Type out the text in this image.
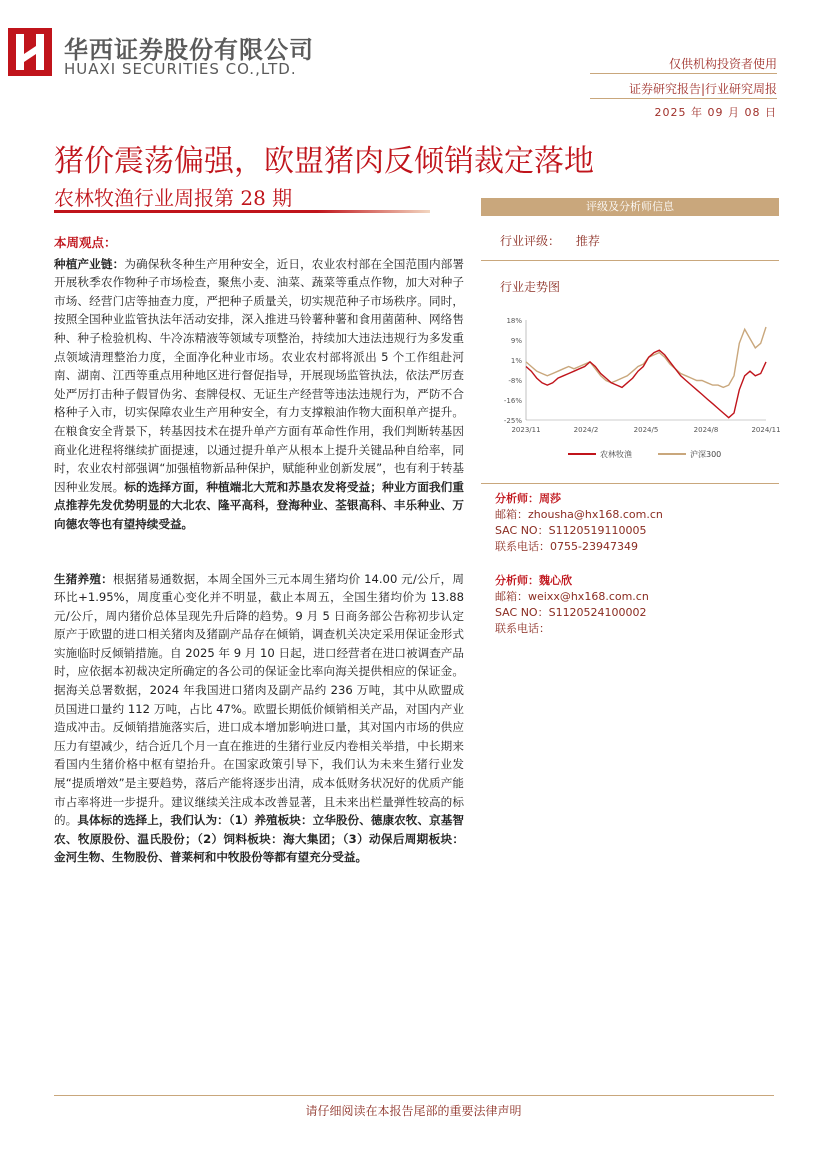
华西证券股份有限公司
HUAXI SECURITIES CO.,LTD.	仅供机构投资者使用
证券研究报告|行业研究周报
2025 年 09 月 08 日
猪价震荡偏强，欧盟猪肉反倾销裁定落地
农林牧渔行业周报第 28 期
本周观点：

种植产业链：为确保秋冬种生产用种安全，近日，农业农村部在全国范围内部署开展秋季农作物种子市场检查，聚焦小麦、油菜、蔬菜等重点作物，加大对种子市场、经营门店等抽查力度，严把种子质量关，切实规范种子市场秩序。同时，按照全国种业监管执法年活动安排，深入推进马铃薯种薯和食用菌菌种、网络售种、种子检验机构、牛冷冻精液等领域专项整治，持续加大违法违规行为多发重点领域清理整治力度，全面净化种业市场。农业农村部将派出 5 个工作组赴河南、湖南、江西等重点用种地区进行督促指导，开展现场监管执法，依法严厉查处严厉打击种子假冒伪劣、套牌侵权、无证生产经营等违法违规行为，严防不合格种子入市，切实保障农业生产用种安全，有力支撑粮油作物大面积单产提升。在粮食安全背景下，转基因技术在提升单产方面有革命性作用，我们判断转基因商业化进程将继续扩面提速，以通过提升单产从根本上提升关键品种自给率，同时，农业农村部强调“加强植物新品种保护，赋能种业创新发展”，也有利于转基因种业发展。标的选择方面，种植端北大荒和苏垦农发将受益；种业方面我们重点推荐先发优势明显的大北农、隆平高科，登海种业、荃银高科、丰乐种业、万向德农等也有望持续受益。

生猪养殖：根据猪易通数据，本周全国外三元本周生猪均价 14.00 元/公斤，周环比+1.95%，周度重心变化并不明显，截止本周五，全国生猪均价为 13.88 元/公斤，周内猪价总体呈现先升后降的趋势。9 月 5 日商务部公告称初步认定原产于欧盟的进口相关猪肉及猪副产品存在倾销，调查机关决定采用保证金形式实施临时反倾销措施。自 2025 年 9 月 10 日起，进口经营者在进口被调查产品时，应依据本初裁决定所确定的各公司的保证金比率向海关提供相应的保证金。据海关总署数据，2024 年我国进口猪肉及副产品约 236 万吨，其中从欧盟成员国进口量约 112 万吨，占比 47%。欧盟长期低价倾销相关产品，对国内产业造成冲击。反倾销措施落实后，进口成本增加影响进口量，其对国内市场的供应压力有望减少，结合近几个月一直在推进的生猪行业反内卷相关举措，中长期来看国内生猪价格中枢有望抬升。在国家政策引导下，我们认为未来生猪行业发展“提质增效”是主要趋势，落后产能将逐步出清，成本低财务状况好的优质产能市占率将进一步提升。建议继续关注成本改善显著，且未来出栏量弹性较高的标的。具体标的选择上，我们认为：（1）养殖板块：立华股份、德康农牧、京基智农、牧原股份、温氏股份；（2）饲料板块：海大集团；（3）动保后周期板块：金河生物、生物股份、普莱柯和中牧股份等都有望充分受益。

评级及分析师信息
行业评级： 推荐
行业走势图
18%
9%
1%
-8%
-16%
-25%
2023/11	2024/2	2024/5	2024/8	2024/11
农林牧渔	沪深300
分析师：周莎
邮箱：zhousha@hx168.com.cn
SAC NO：S1120519110005
联系电话：0755-23947349
分析师：魏心欣
邮箱：weixx@hx168.com.cn
SAC NO：S1120524100002
联系电话：
请仔细阅读在本报告尾部的重要法律声明
